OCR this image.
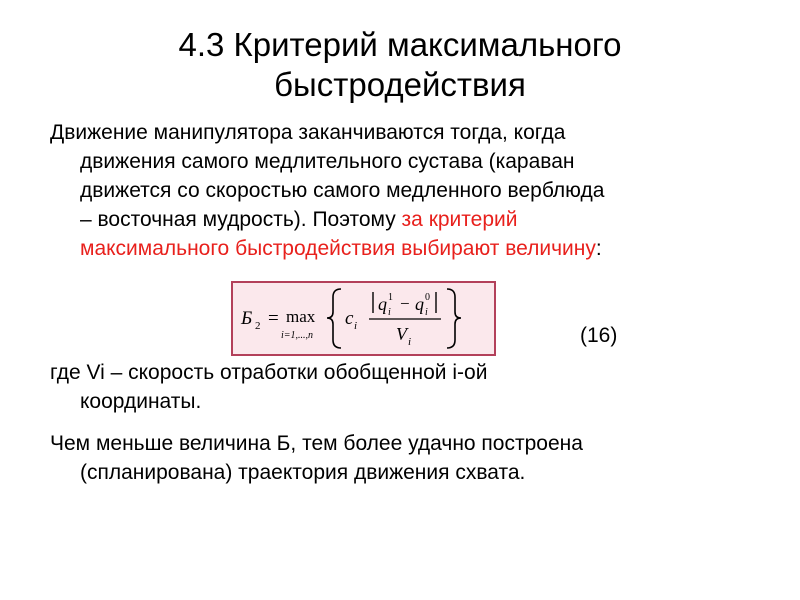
4.3 Критерий максимального
быстродействия
Движение манипулятора заканчиваются тогда, когда
движения самого медлительного сустава (караван
движется со скоростью самого медленного верблюда
– восточная мудрость). Поэтому за критерий
максимального быстродействия выбирают величину:
Б 2 = max
i=1,...,n
c i
q 1
i − q 0
i
V i	(16)
где Vi – скорость отработки обобщенной i-ой
координаты.
Чем меньше величина Б, тем более удачно построена
(спланирована) траектория движения схвата.
